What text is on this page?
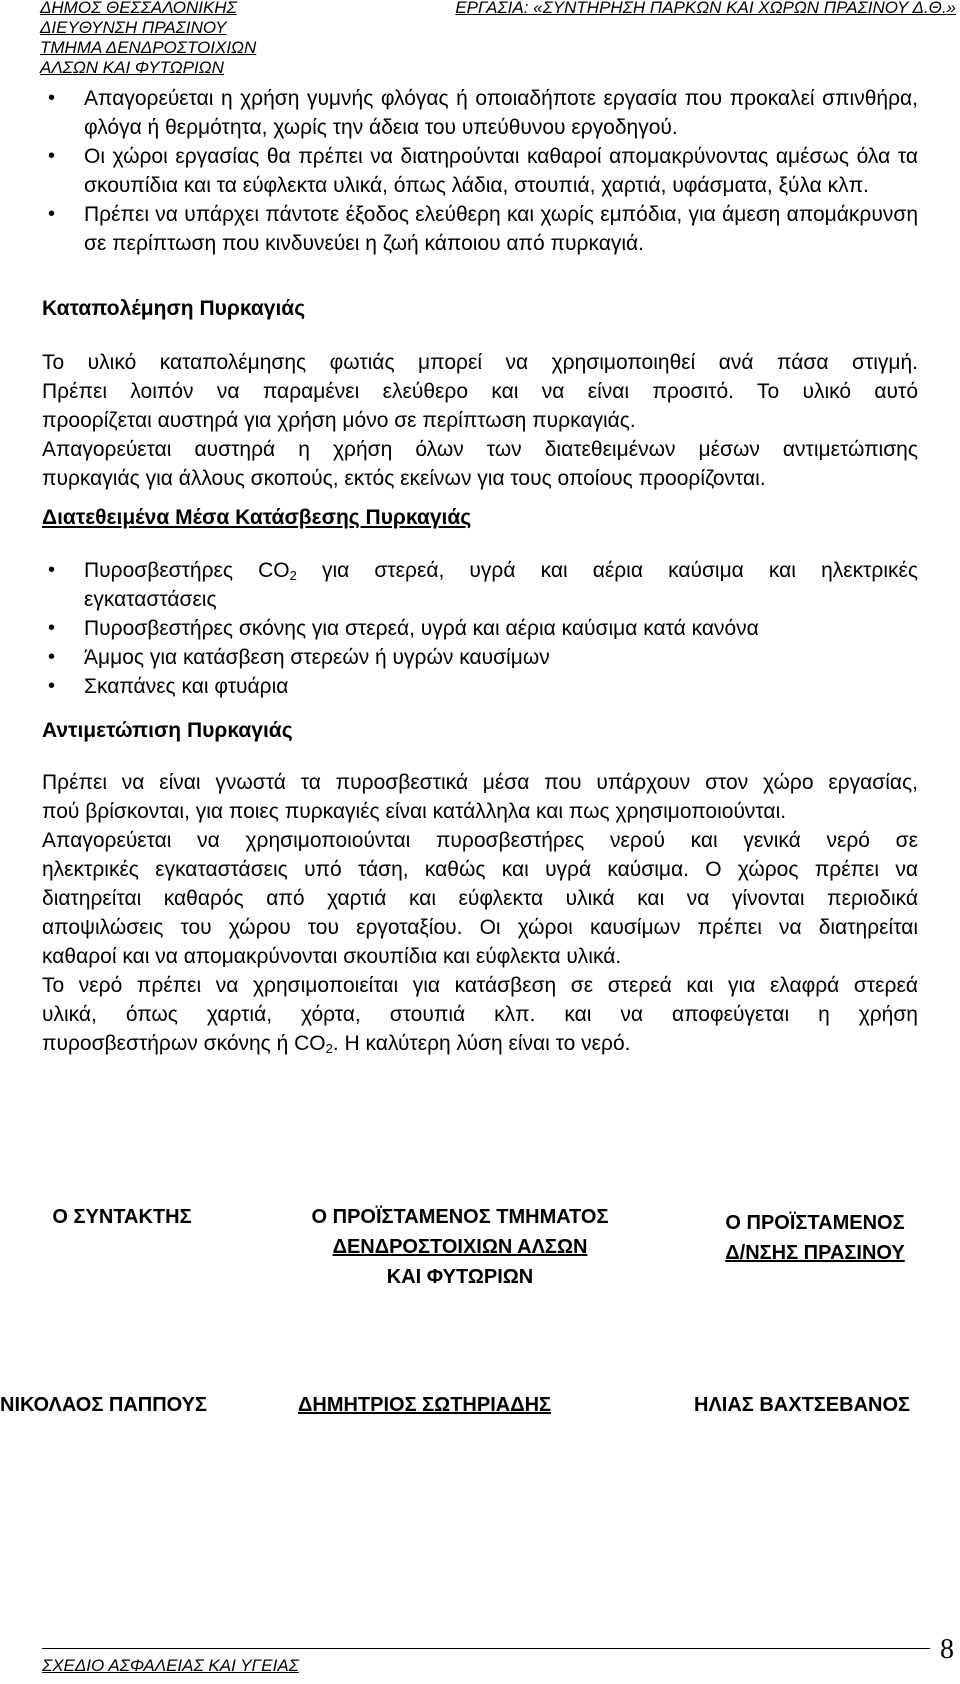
ΔΗΜΟΣ ΘΕΣΣΑΛΟΝΙΚΗΣ
ΔΙΕΥΘΥΝΣΗ ΠΡΑΣΙΝΟΥ
ΤΜΗΜΑ ΔΕΝΔΡΟΣΤΟΙΧΙΩΝ
ΑΛΣΩΝ ΚΑΙ ΦΥΤΩΡΙΩΝ
ΕΡΓΑΣΙΑ: «ΣΥΝΤΗΡΗΣΗ ΠΑΡΚΩΝ ΚΑΙ ΧΩΡΩΝ ΠΡΑΣΙΝΟΥ Δ.Θ.»
• Απαγορεύεται η χρήση γυμνής φλόγας ή οποιαδήποτε εργασία που προκαλεί σπινθήρα, φλόγα ή θερμότητα, χωρίς την άδεια του υπεύθυνου εργοδηγού.
• Οι χώροι εργασίας θα πρέπει να διατηρούνται καθαροί απομακρύνοντας αμέσως όλα τα σκουπίδια και τα εύφλεκτα υλικά, όπως λάδια, στουπιά, χαρτιά, υφάσματα, ξύλα κλπ.
• Πρέπει να υπάρχει πάντοτε έξοδος ελεύθερη και χωρίς εμπόδια, για άμεση απομάκρυνση σε περίπτωση που κινδυνεύει η ζωή κάποιου από πυρκαγιά.
Καταπολέμηση Πυρκαγιάς
Το υλικό καταπολέμησης φωτιάς μπορεί να χρησιμοποιηθεί ανά πάσα στιγμή.
Πρέπει λοιπόν να παραμένει ελεύθερο και να είναι προσιτό. Το υλικό αυτό
προορίζεται αυστηρά για χρήση μόνο σε περίπτωση πυρκαγιάς.
Απαγορεύεται αυστηρά η χρήση όλων των διατεθειμένων μέσων αντιμετώπισης
πυρκαγιάς για άλλους σκοπούς, εκτός εκείνων για τους οποίους προορίζονται.
Διατεθειμένα Μέσα Κατάσβεσης Πυρκαγιάς
• Πυροσβεστήρες $CO_2$ για στερεά, υγρά και αέρια καύσιμα και ηλεκτρικές
εγκαταστάσεις
• Πυροσβεστήρες σκόνης για στερεά, υγρά και αέρια καύσιμα κατά κανόνα
• Άμμος για κατάσβεση στερεών ή υγρών καυσίμων
• Σκαπάνες και φτυάρια
Αντιμετώπιση Πυρκαγιάς
Πρέπει να είναι γνωστά τα πυροσβεστικά μέσα που υπάρχουν στον χώρο εργασίας,
πού βρίσκονται, για ποιες πυρκαγιές είναι κατάλληλα και πως χρησιμοποιούνται.
Απαγορεύεται να χρησιμοποιούνται πυροσβεστήρες νερού και γενικά νερό σε
ηλεκτρικές εγκαταστάσεις υπό τάση, καθώς και υγρά καύσιμα. Ο χώρος πρέπει να
διατηρείται καθαρός από χαρτιά και εύφλεκτα υλικά και να γίνονται περιοδικά
αποψιλώσεις του χώρου του εργοταξίου. Οι χώροι καυσίμων πρέπει να διατηρείται
καθαροί και να απομακρύνονται σκουπίδια και εύφλεκτα υλικά.
Το νερό πρέπει να χρησιμοποιείται για κατάσβεση σε στερεά και για ελαφρά στερεά
υλικά, όπως χαρτιά, χόρτα, στουπιά κλπ. και να αποφεύγεται η χρήση
πυροσβεστήρων σκόνης ή $CO_2$. Η καλύτερη λύση είναι το νερό.
Ο ΣΥΝΤΑΚΤΗΣ	Ο ΠΡΟΪΣΤΑΜΕΝΟΣ ΤΜΗΜΑΤΟΣ
ΔΕΝΔΡΟΣΤΟΙΧΙΩΝ ΑΛΣΩΝ
ΚΑΙ ΦΥΤΩΡΙΩΝ
Ο ΠΡΟΪΣΤΑΜΕΝΟΣ
Δ/ΝΣΗΣ ΠΡΑΣΙΝΟΥ
ΝΙΚΟΛΑΟΣ ΠΑΠΠΟΥΣ	ΔΗΜΗΤΡΙΟΣ ΣΩΤΗΡΙΑΔΗΣ	ΗΛΙΑΣ ΒΑΧΤΣΕΒΑΝΟΣ
ΣΧΕΔΙΟ ΑΣΦΑΛΕΙΑΣ ΚΑΙ ΥΓΕΙΑΣ
8
